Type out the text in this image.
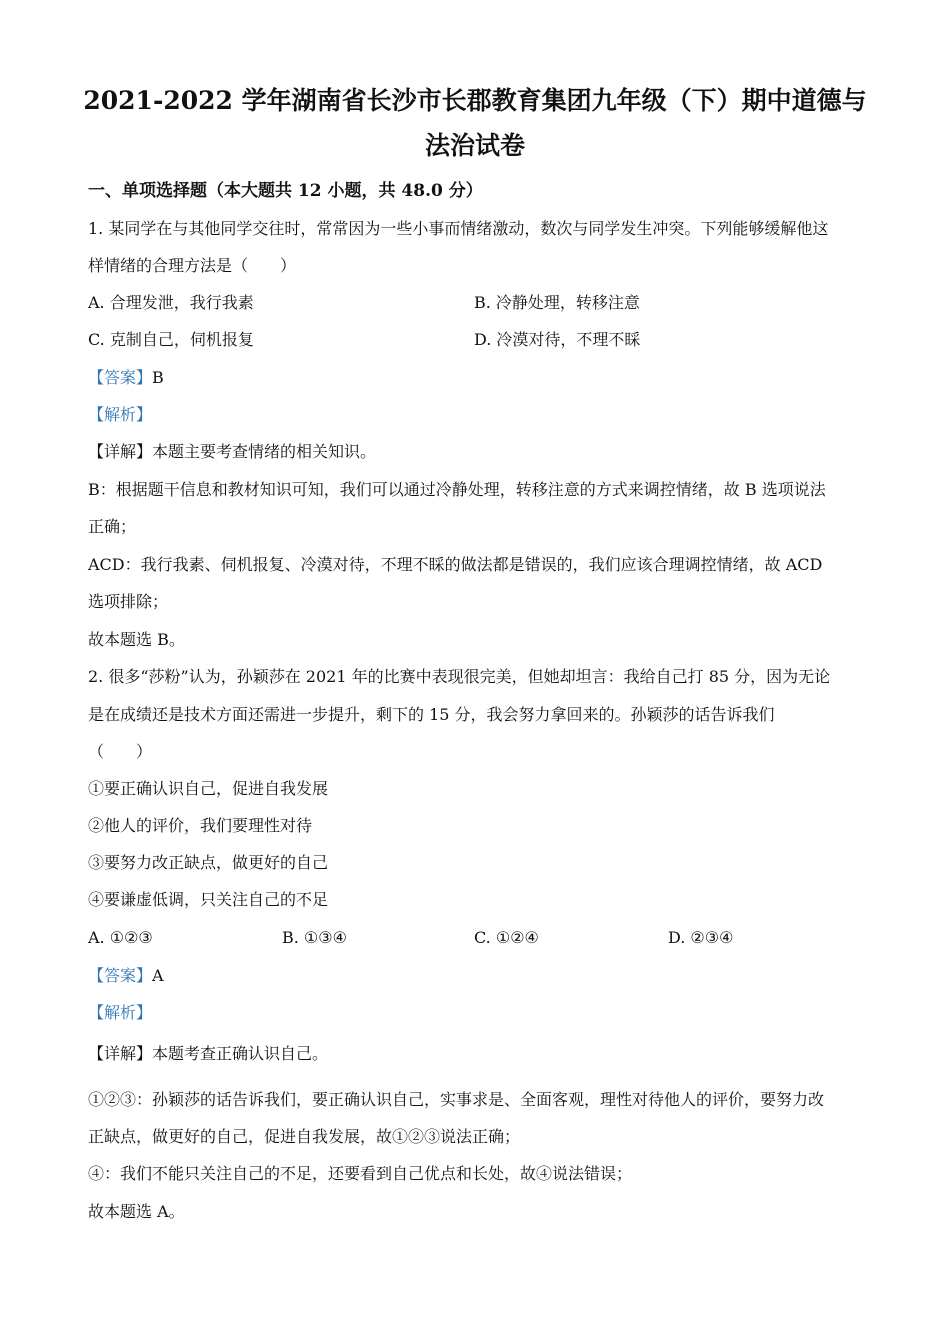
2021-2022 学年湖南省长沙市长郡教育集团九年级（下）期中道德与
法治试卷
一、单项选择题（本大题共 12 小题，共 48.0 分）
1. 某同学在与其他同学交往时，常常因为一些小事而情绪激动，数次与同学发生冲突。下列能够缓解他这
样情绪的合理方法是（　　）
A. 合理发泄，我行我素	B. 冷静处理，转移注意
C. 克制自己，伺机报复	D. 冷漠对待，不理不睬
【答案】B
【解析】
【详解】本题主要考查情绪的相关知识。
B：根据题干信息和教材知识可知，我们可以通过冷静处理，转移注意的方式来调控情绪，故 B 选项说法
正确；
ACD：我行我素、伺机报复、冷漠对待，不理不睬的做法都是错误的，我们应该合理调控情绪，故 ACD
选项排除；
故本题选 B。
2. 很多“莎粉”认为，孙颖莎在 2021 年的比赛中表现很完美，但她却坦言：我给自己打 85 分，因为无论
是在成绩还是技术方面还需进一步提升，剩下的 15 分，我会努力拿回来的。孙颖莎的话告诉我们
（　　）
①要正确认识自己，促进自我发展
②他人的评价，我们要理性对待
③要努力改正缺点，做更好的自己
④要谦虚低调，只关注自己的不足
A. ①②③	B. ①③④	C. ①②④	D. ②③④
【答案】A
【解析】
【详解】本题考查正确认识自己。
①②③：孙颖莎的话告诉我们，要正确认识自己，实事求是、全面客观，理性对待他人的评价，要努力改
正缺点，做更好的自己，促进自我发展，故①②③说法正确；
④：我们不能只关注自己的不足，还要看到自己优点和长处，故④说法错误；
故本题选 A。
